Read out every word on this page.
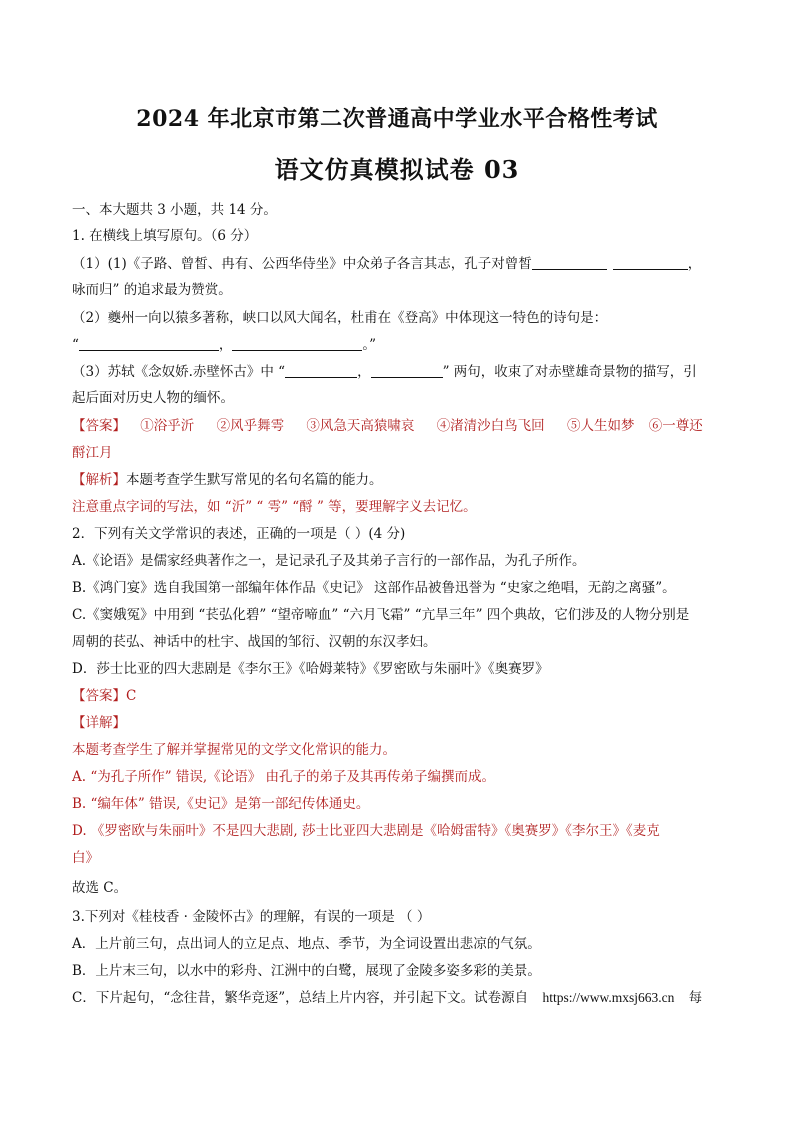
2024 年北京市第二次普通高中学业水平合格性考试
语文仿真模拟试卷 03
一、本大题共 3 小题，共 14 分。
1. 在横线上填写原句。（6 分）
（1）(1)《子路、曾皙、冉有、公西华侍坐》中众弟子各言其志，孔子对曾皙	，
咏而归” 的追求最为赞赏。
（2）夔州一向以猿多著称，峡口以风大闻名，杜甫在《登高》中体现这一特色的诗句是：
“	，	。”
（3）苏轼《念奴娇.赤壁怀古》中 “	，	” 两句，收束了对赤壁雄奇景物的描写，引
起后面对历史人物的缅怀。
【答案】 ①浴乎沂 ②风乎舞雩 ③风急天高猿啸哀 ④渚清沙白鸟飞回 ⑤人生如梦 ⑥一尊还
酹江月
【解析】本题考查学生默写常见的名句名篇的能力。
注意重点字词的写法，如 “沂” “ 雩” “酹 ” 等，要理解字义去记忆。
2．下列有关文学常识的表述，正确的一项是（ ）(4 分)
A.《论语》是儒家经典著作之一，是记录孔子及其弟子言行的一部作品，为孔子所作。
B.《鸿门宴》选自我国第一部编年体作品《史记》 这部作品被鲁迅誉为 “史家之绝唱，无韵之离骚”。
C.《窦娥冤》中用到 “苌弘化碧” “望帝啼血” “六月飞霜” “亢旱三年” 四个典故，它们涉及的人物分别是
周朝的苌弘、神话中的杜宇、战国的邹衍、汉朝的东汉孝妇。
D．莎士比亚的四大悲剧是《李尔王》《哈姆莱特》《罗密欧与朱丽叶》《奥赛罗》
【答案】C
【详解】
本题考查学生了解并掌握常见的文学文化常识的能力。
A. “为孔子所作” 错误,《论语》 由孔子的弟子及其再传弟子编撰而成。
B. “编年体” 错误,《史记》是第一部纪传体通史。
D. 《罗密欧与朱丽叶》不是四大悲剧, 莎士比亚四大悲剧是《哈姆雷特》《奥赛罗》《李尔王》《麦克
白》
故选 C。
3.下列对《桂枝香 · 金陵怀古》的理解，有误的一项是 （ ）
A．上片前三句，点出词人的立足点、地点、季节，为全词设置出悲凉的气氛。
B．上片末三句，以水中的彩舟、江洲中的白鹭，展现了金陵多姿多彩的美景。
C．下片起句，“念往昔，繁华竞逐”，总结上片内容，并引起下文。试卷源自 https://www.mxsj663.cn 每
